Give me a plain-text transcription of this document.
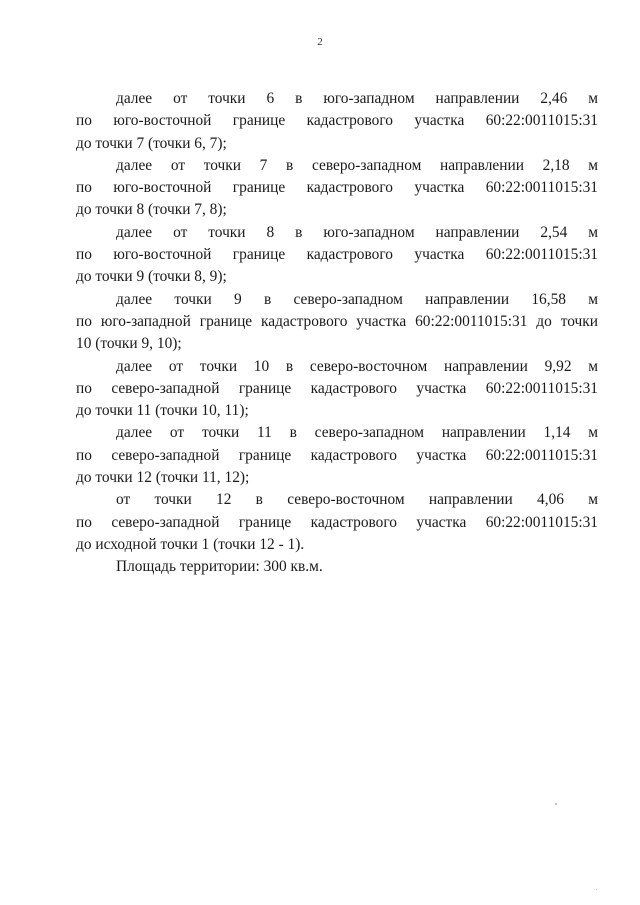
2
далее от точки 6 в юго-западном направлении 2,46 м
по юго-восточной границе кадастрового участка 60:22:0011015:31
до точки 7 (точки 6, 7);
далее от точки 7 в северо-западном направлении 2,18 м
по юго-восточной границе кадастрового участка 60:22:0011015:31
до точки 8 (точки 7, 8);
далее от точки 8 в юго-западном направлении 2,54 м
по юго-восточной границе кадастрового участка 60:22:0011015:31
до точки 9 (точки 8, 9);
далее точки 9 в северо-западном направлении 16,58 м
по юго-западной границе кадастрового участка 60:22:0011015:31 до точки
10 (точки 9, 10);
далее от точки 10 в северо-восточном направлении 9,92 м
по северо-западной границе кадастрового участка 60:22:0011015:31
до точки 11 (точки 10, 11);
далее от точки 11 в северо-западном направлении 1,14 м
по северо-западной границе кадастрового участка 60:22:0011015:31
до точки 12 (точки 11, 12);
от точки 12 в северо-восточном направлении 4,06 м
по северо-западной границе кадастрового участка 60:22:0011015:31
до исходной точки 1 (точки 12 - 1).
Площадь территории: 300 кв.м.
